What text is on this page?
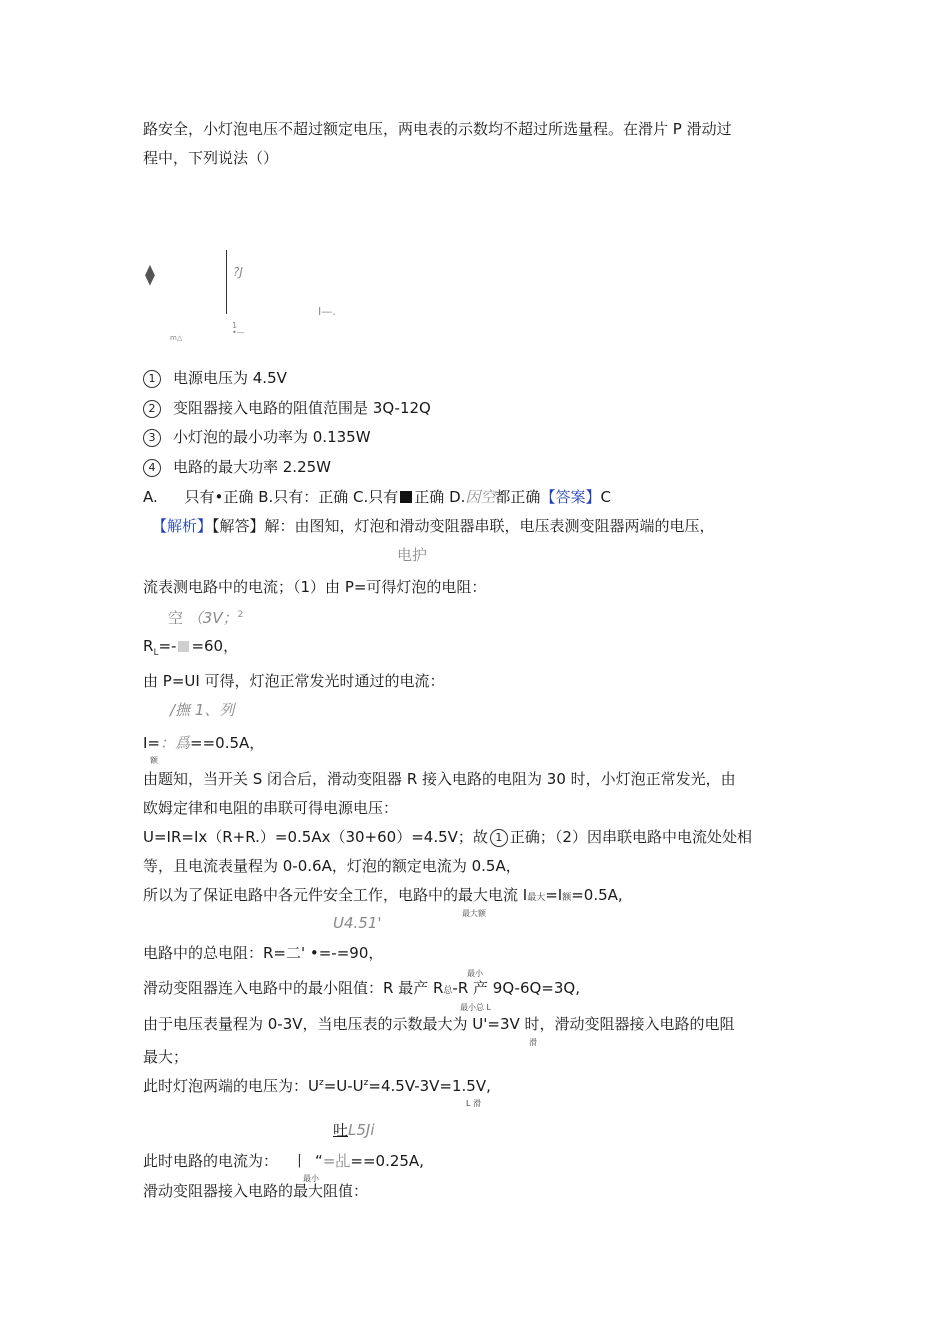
路安全，小灯泡电压不超过额定电压，两电表的示数均不超过所选量程。在滑片 P 滑动过
程中，下列说法（）
⧫	?J
I—.
1
•—
m△
1 电源电压为 4.5V
2 变阻器接入电路的阻值范围是 3Q-12Q
3 小灯泡的最小功率为 0.135W
4 电路的最大功率 2.25W
A. 只有•正确 B.只有：正确 C.只有 正确 D.因空都正确【答案】C
【解析】【解答】解：由图知，灯泡和滑动变阻器串联，电压表测变阻器两端的电压，
电护
流表测电路中的电流；（1）由 P=可得灯泡的电阻：
空 （3V；$^2$
$R_L=- =60$，
由 P=UI 可得，灯泡正常发光时通过的电流：
/撫 1、列
I=：爲==0.5A，
额
由题知，当开关 S 闭合后，滑动变阻器 R 接入电路的电阻为 30 时，小灯泡正常发光，由
欧姆定律和电阻的串联可得电源电压：
U=IR=Ix（R+R.）=0.5Ax（30+60）=4.5V；故 1 正确；（2）因串联电路中电流处处相
等，且电流表量程为 0-0.6A，灯泡的额定电流为 0.5A，
所以为了保证电路中各元件安全工作，电路中的最大电流 I最大=I额=0.5A,
最大额
U4.51'
电路中的总电阻：R=二' •=-=90，
最小
滑动变阻器连入电路中的最小阻值：R 最产 R总-R 产 9Q-6Q=3Q,
最小总 L
由于电压表量程为 0-3V，当电压表的示数最大为 U'=3V 时，滑动变阻器接入电路的电阻
滑
最大；
此时灯泡两端的电压为：$U^z=U-U^z=4.5V-3V=1.5V$,
L 滑
吐L5Ji
此时电路的电流为： 丨 “=乩==0.25A,
最小
滑动变阻器接入电路的最大阻值：
